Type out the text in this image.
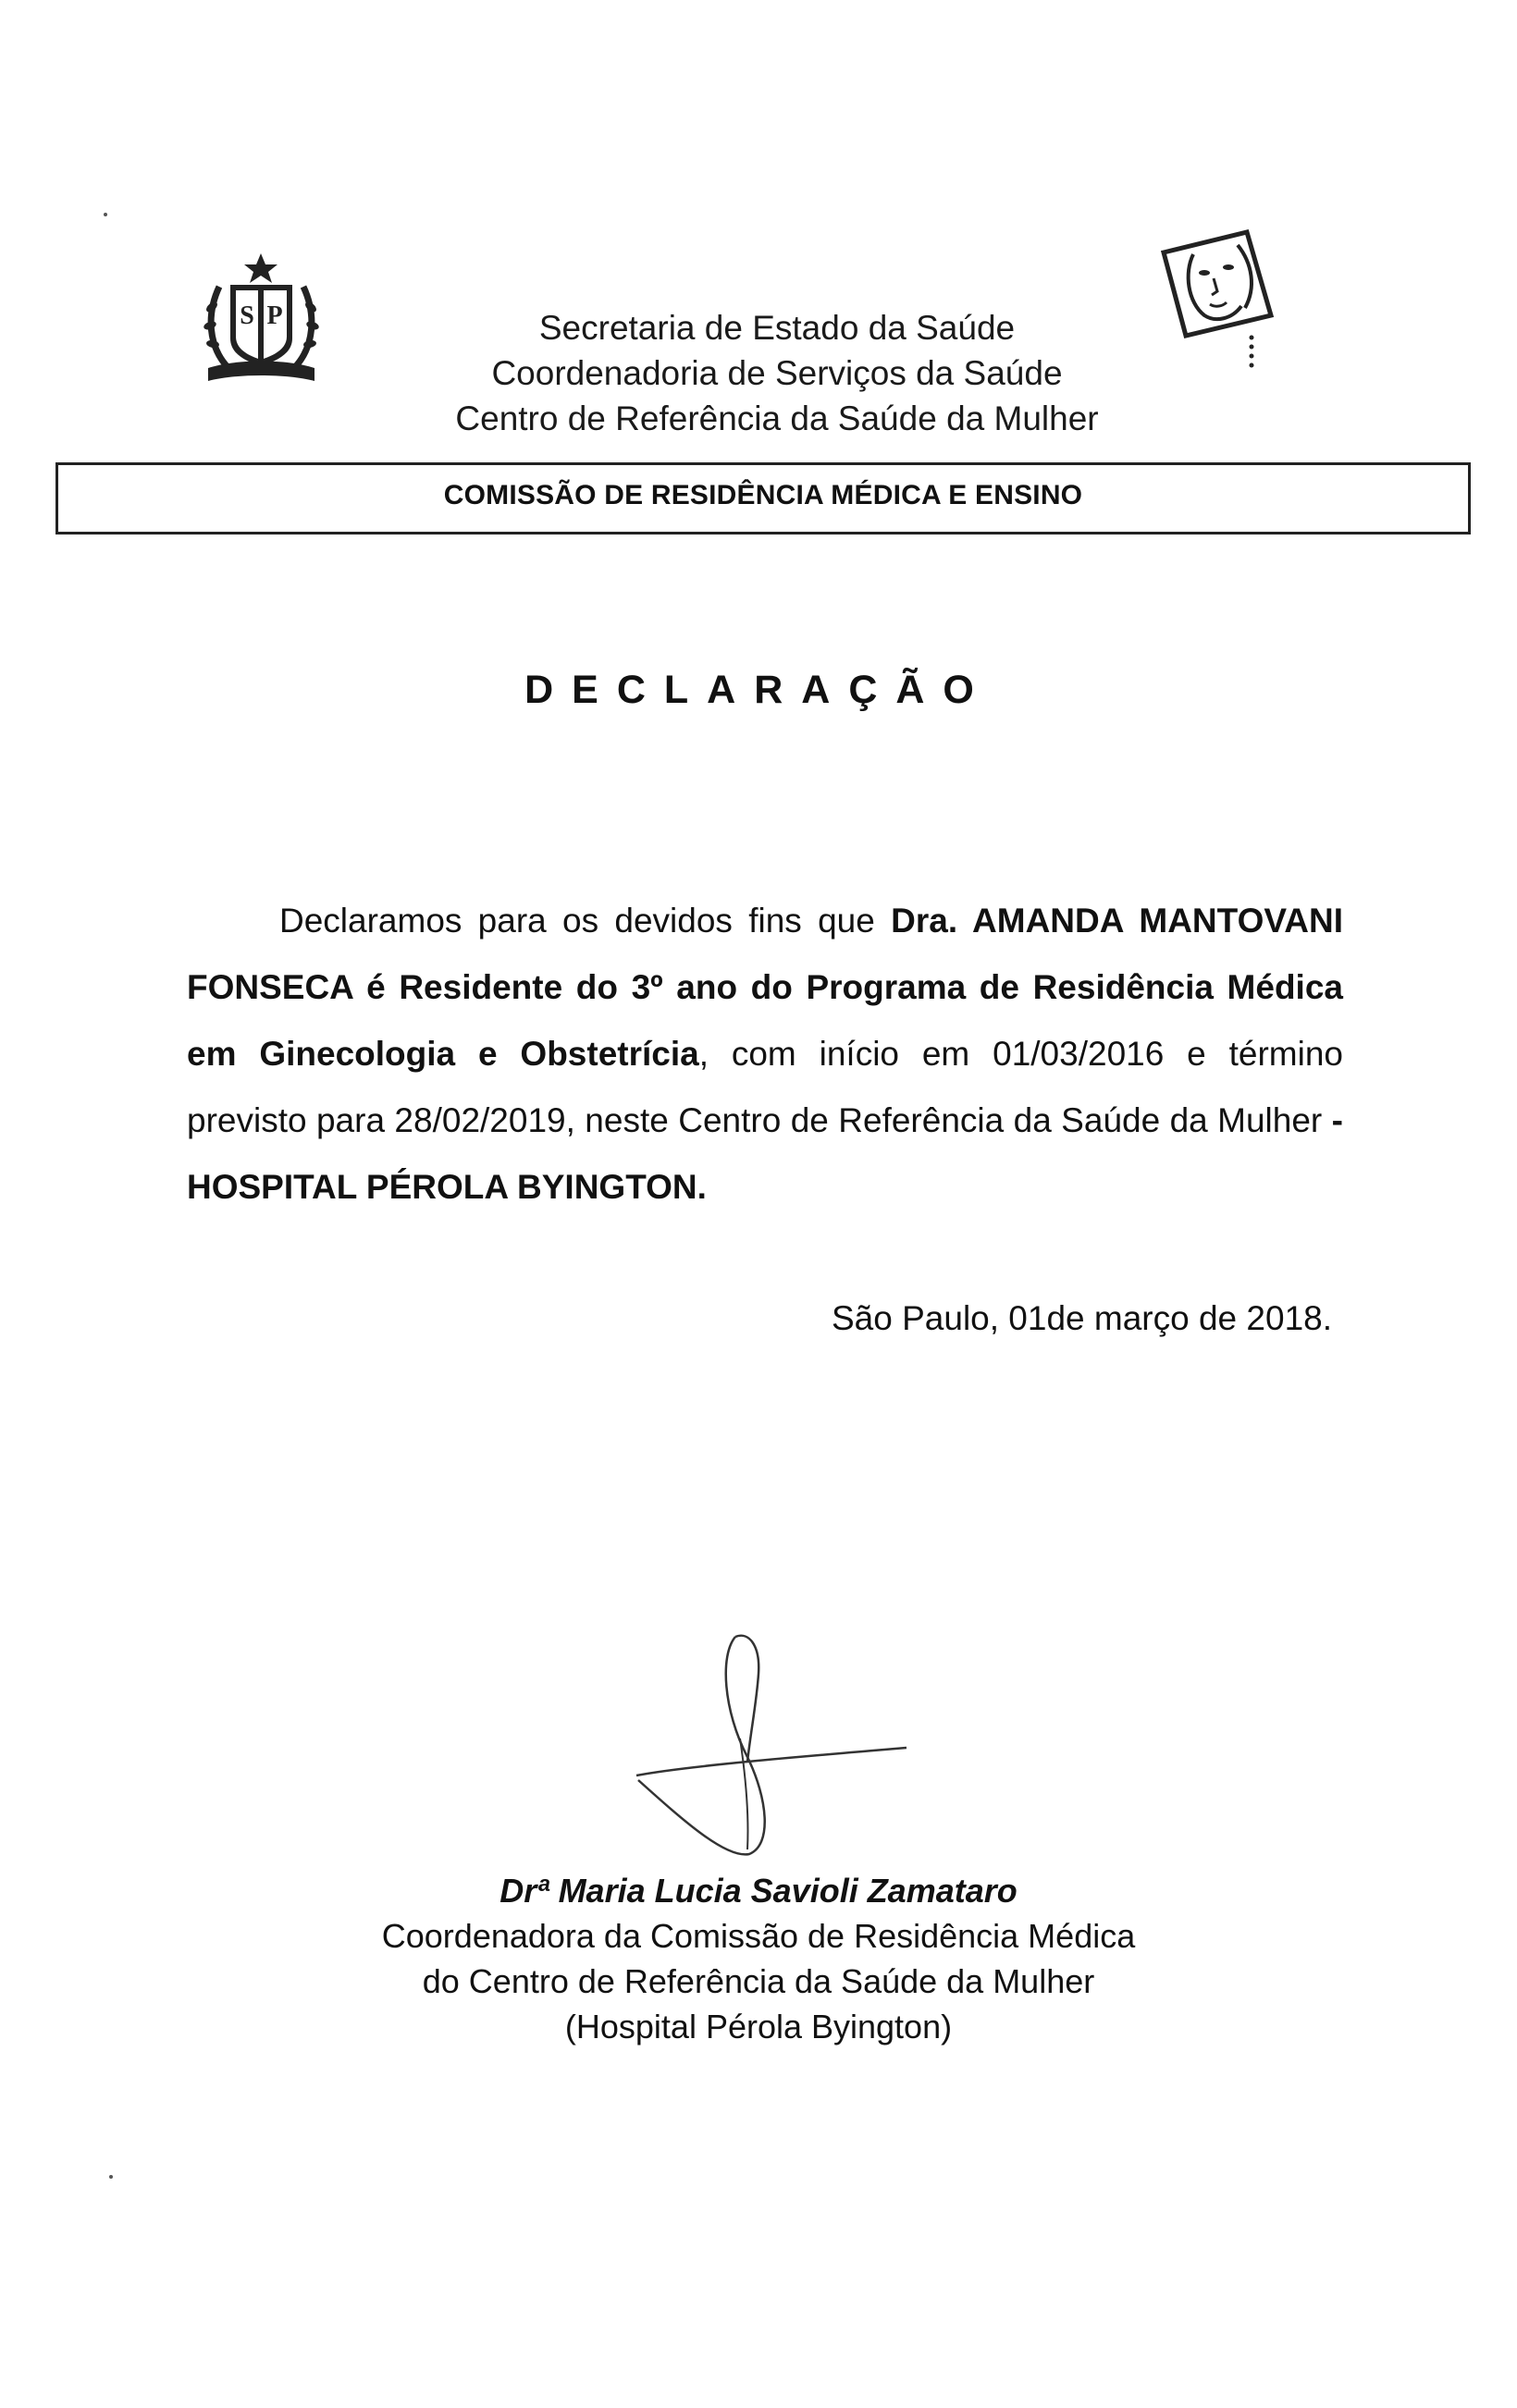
S P	Secretaria de Estado da Saúde
Coordenadoria de Serviços da Saúde
Centro de Referência da Saúde da Mulher
COMISSÃO DE RESIDÊNCIA MÉDICA E ENSINO
DECLARAÇÃO

Declaramos para os devidos fins que Dra. AMANDA MANTOVANI FONSECA é Residente do 3º ano do Programa de Residência Médica em Ginecologia e Obstetrícia, com início em 01/03/2016 e término previsto para 28/02/2019, neste Centro de Referência da Saúde da Mulher - HOSPITAL PÉROLA BYINGTON.

São Paulo, 01de março de 2018.
Drª Maria Lucia Savioli Zamataro
Coordenadora da Comissão de Residência Médica
do Centro de Referência da Saúde da Mulher
(Hospital Pérola Byington)
